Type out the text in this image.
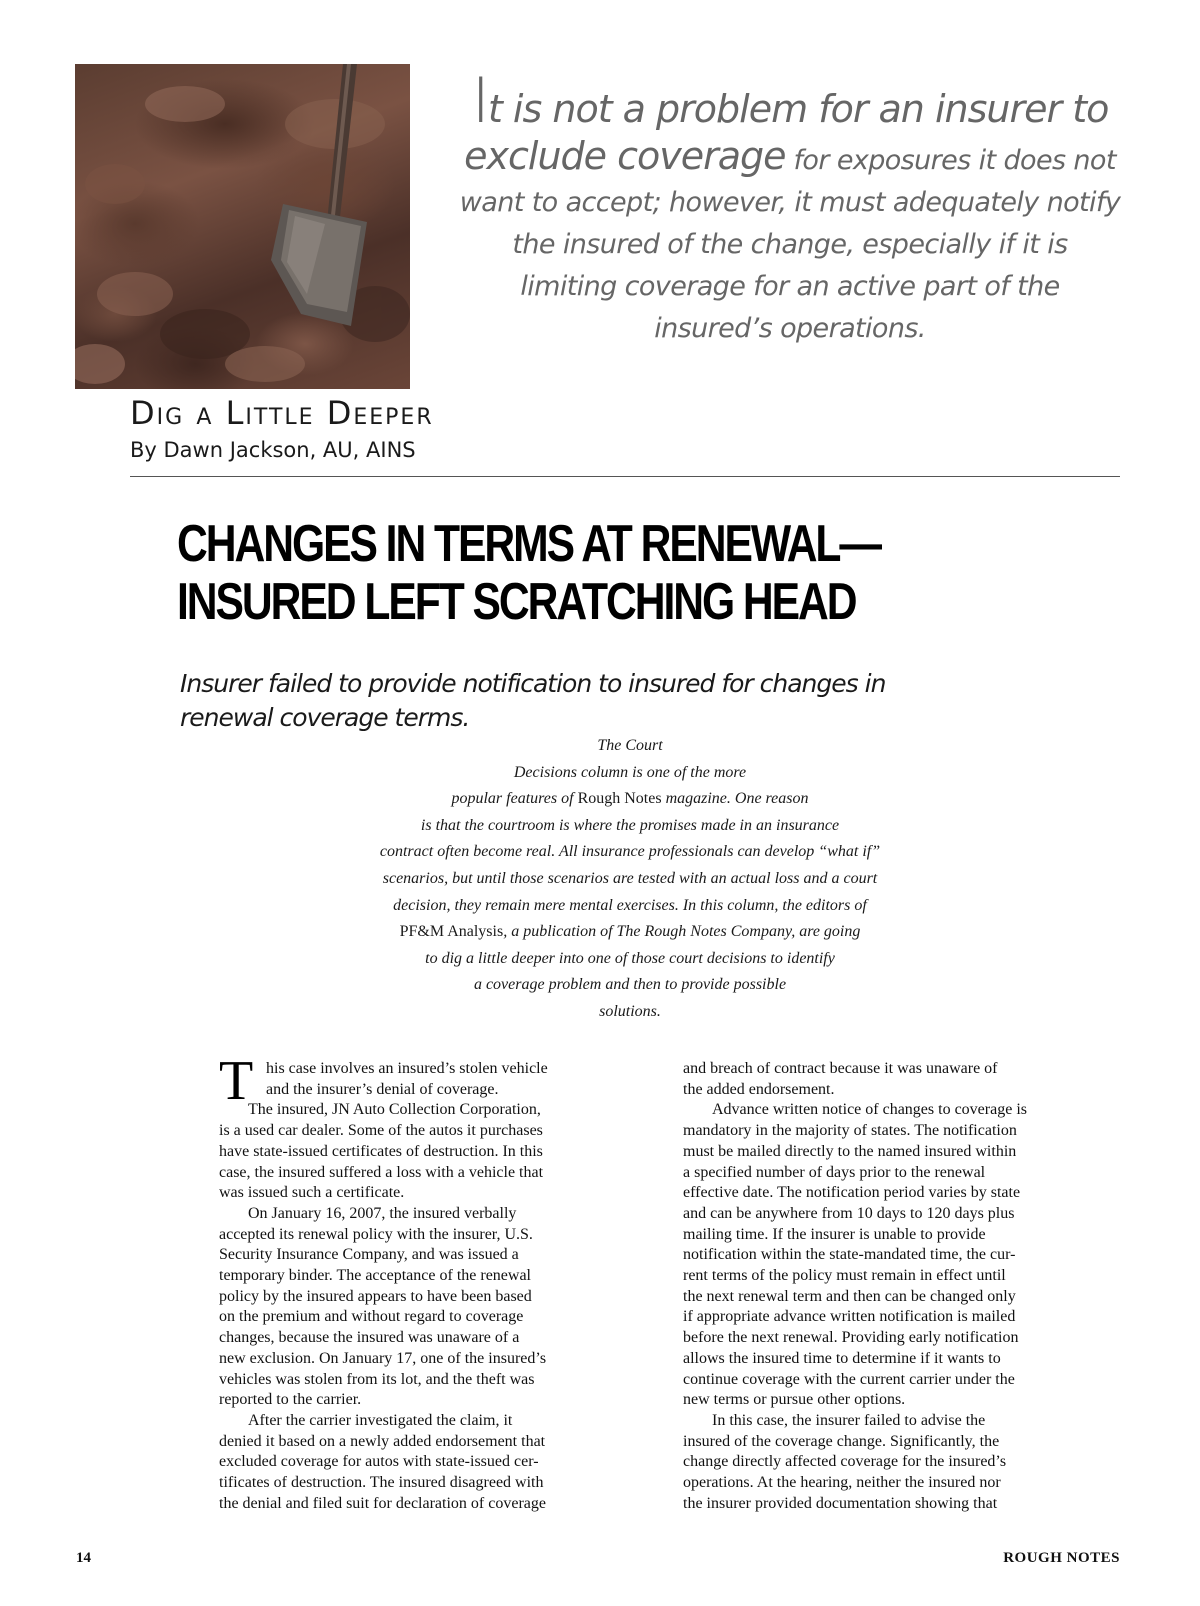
It is not a problem for an insurer to
exclude coverage for exposures it does not
want to accept; however, it must adequately notify
the insured of the change, especially if it is
limiting coverage for an active part of the
insured’s operations.
Dig a Little Deeper
By Dawn Jackson, AU, AINS
CHANGES IN TERMS AT RENEWAL—
INSURED LEFT SCRATCHING HEAD
Insurer failed to provide notification to insured for changes in
renewal coverage terms.
The Court
Decisions column is one of the more
popular features of Rough Notes magazine. One reason
is that the courtroom is where the promises made in an insurance
contract often become real. All insurance professionals can develop “what if”
scenarios, but until those scenarios are tested with an actual loss and a court
decision, they remain mere mental exercises. In this column, the editors of
PF&M Analysis, a publication of The Rough Notes Company, are going
to dig a little deeper into one of those court decisions to identify
a coverage problem and then to provide possible
solutions.
T his case involves an insured’s stolen vehicle
and the insurer’s denial of coverage.
The insured, JN Auto Collection Corporation,
is a used car dealer. Some of the autos it purchases
have state-issued certificates of destruction. In this
case, the insured suffered a loss with a vehicle that
was issued such a certificate.
On January 16, 2007, the insured verbally
accepted its renewal policy with the insurer, U.S.
Security Insurance Company, and was issued a
temporary binder. The acceptance of the renewal
policy by the insured appears to have been based
on the premium and without regard to coverage
changes, because the insured was unaware of a
new exclusion. On January 17, one of the insured’s
vehicles was stolen from its lot, and the theft was
reported to the carrier.
After the carrier investigated the claim, it
denied it based on a newly added endorsement that
excluded coverage for autos with state-issued cer-
tificates of destruction. The insured disagreed with
the denial and filed suit for declaration of coverage
and breach of contract because it was unaware of
the added endorsement.
Advance written notice of changes to coverage is
mandatory in the majority of states. The notification
must be mailed directly to the named insured within
a specified number of days prior to the renewal
effective date. The notification period varies by state
and can be anywhere from 10 days to 120 days plus
mailing time. If the insurer is unable to provide
notification within the state-mandated time, the cur-
rent terms of the policy must remain in effect until
the next renewal term and then can be changed only
if appropriate advance written notification is mailed
before the next renewal. Providing early notification
allows the insured time to determine if it wants to
continue coverage with the current carrier under the
new terms or pursue other options.
In this case, the insurer failed to advise the
insured of the coverage change. Significantly, the
change directly affected coverage for the insured’s
operations. At the hearing, neither the insured nor
the insurer provided documentation showing that
14	ROUGH NOTES
